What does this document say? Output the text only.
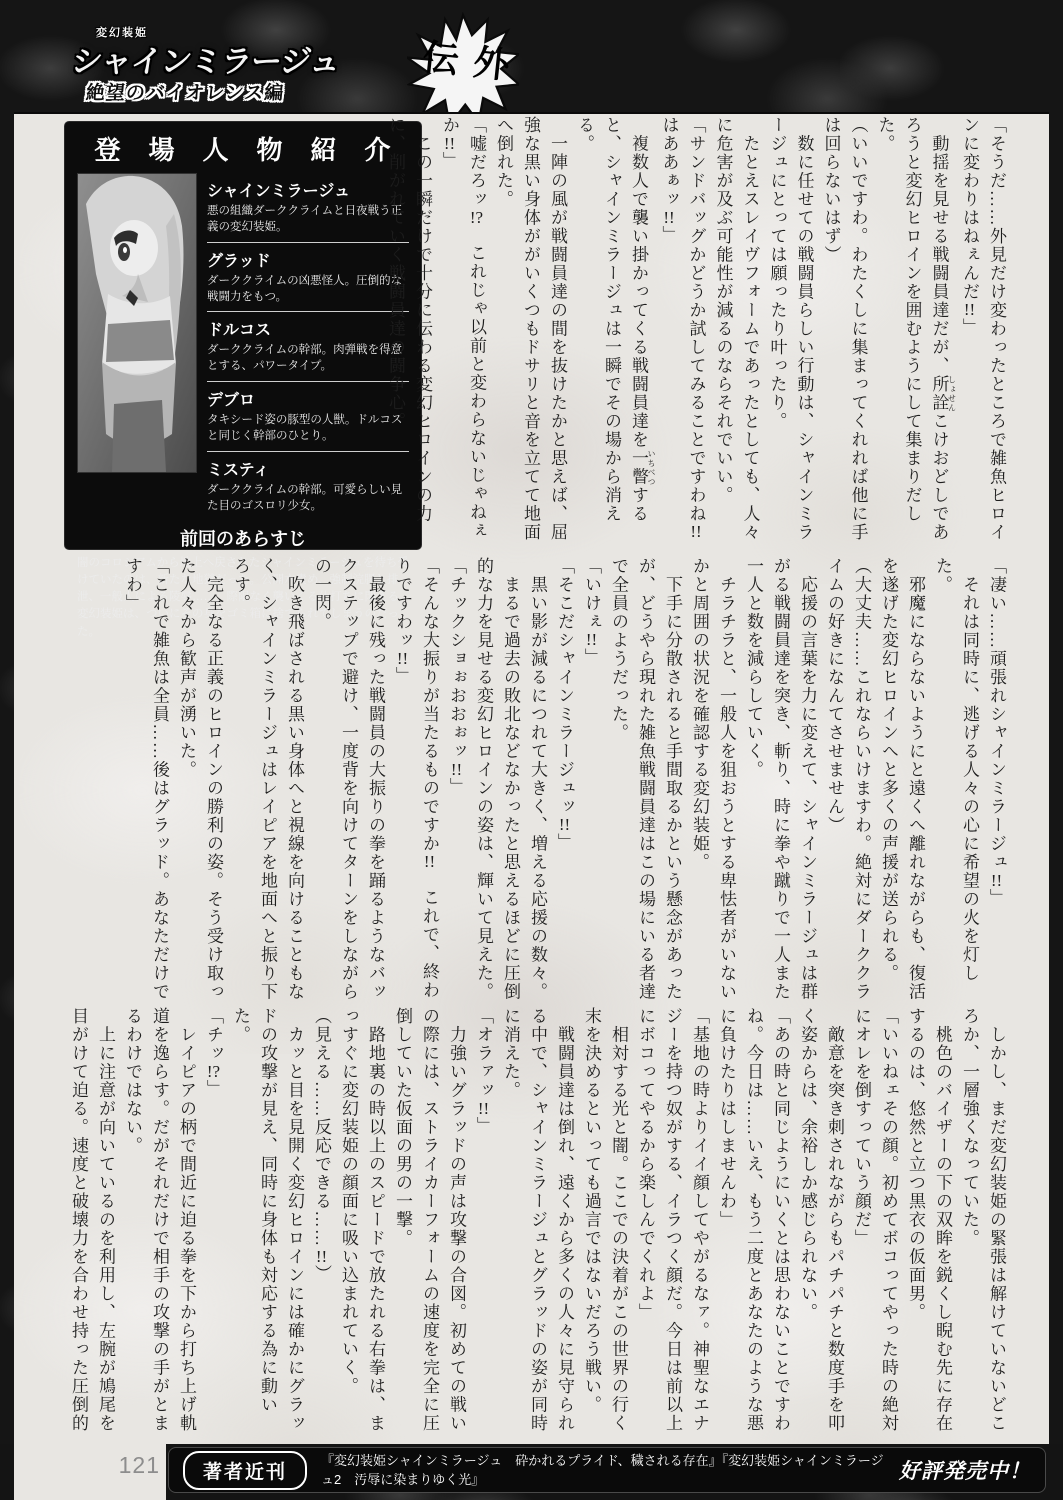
変幻装姫
シャインミラージュ
絶望のバイオレンス編
外伝
登　場　人　物　紹　介
シャインミラージュ
悪の組織ダーククライムと日夜戦う正義の変幻装姫。
グラッド
ダーククライムの凶悪怪人。圧倒的な戦闘力をもつ。
ドルコス
ダーククライムの幹部。肉弾戦を得意とする、パワータイプ。
デブロ
タキシード姿の豚型の人獣。ドルコスと同じく幹部のひとり。
ミスティ
ダーククライムの幹部。可愛らしい見た目のゴスロリ少女。
前回のあらすじ
闇のコロシアムから地上へ戻されたシャインミラージュを待ち受けていたのは、新たな地獄だった。公開水責め、強制浣腸と排泄、一般人による陵辱……。際限なく襲いくる仕打ちに悶える変幻装姫は、ついにその身をゴミ箱に捨てられてしまうのだった。

「そうだ……外見だけ変わったところで雑魚ヒロインに変わりはねぇんだ!!」

　動揺を見せる戦闘員達だが、所詮 しょせんこけおどしであろうと変幻ヒロインを囲むようにして集まりだした。

（いいですわ。わたくしに集まってくれれば他に手は回らないはず）

　数に任せての戦闘員らしい行動は、シャインミラージュにとっては願ったり叶ったり。

　たとえスレイヴフォームであったとしても、人々に危害が及ぶ可能性が減るのならそれでいい。

「サンドバッグかどうか試してみることですわね!!　はああぁッ!!」

　複数人で襲い掛かってくる戦闘員達を一瞥 いちべつすると、シャインミラージュは一瞬でその場から消える。

　一陣の風が戦闘員達の間を抜けたかと思えば、屈強な黒い身体ががいくつもドサリと音を立てて地面へ倒れた。

「嘘だろッ!?　これじゃ以前と変わらないじゃねぇか!!」

　この一瞬だけで十分に伝わる変幻ヒロインの力に、削がれていく戦闘員達の闘争心。

「凄い……頑張れシャインミラージュ!!」

　それは同時に、逃げる人々の心に希望の火を灯した。

　邪魔にならないようにと遠くへ離れながらも、復活を遂げた変幻ヒロインへと多くの声援が送られる。

（大丈夫……これならいけますわ。絶対にダーククライムの好きになんてさせません）

　応援の言葉を力に変えて、シャインミラージュは群がる戦闘員達を突き、斬り、時に拳や蹴りで一人また一人と数を減らしていく。

　チラチラと、一般人を狙おうとする卑怯者がいないかと周囲の状況を確認する変幻装姫。

　下手に分散されると手間取るかという懸念があったが、どうやら現れた雑魚戦闘員達はこの場にいる者達で全員のようだった。

「いけぇ!!」

「そこだシャインミラージュッ!!」

　黒い影が減るにつれて大きく、増える応援の数々。

　まるで過去の敗北などなかったと思えるほどに圧倒的な力を見せる変幻ヒロインの姿は、輝いて見えた。

「チックショぉおおぉッ!!」

「そんな大振りが当たるものですか!!　これで、終わりですわッ!!」

　最後に残った戦闘員の大振りの拳を踊るようなバックステップで避け、一度背を向けてターンをしながらの一閃。

　吹き飛ばされる黒い身体へと視線を向けることもなく、シャインミラージュはレイピアを地面へと振り下ろす。

　完全なる正義のヒロインの勝利の姿。そう受け取った人々から歓声が湧いた。

「これで雑魚は全員……後はグラッド。あなただけですわ」

　しかし、まだ変幻装姫の緊張は解けていないどころか、一層強くなっていた。

　桃色のバイザーの下の双眸を鋭くし睨む先に存在するのは、悠然と立つ黒衣の仮面男。

「いいねェその顔。初めてボコってやった時の絶対にオレを倒すっていう顔だ」

　敵意を突き刺されながらもパチパチと数度手を叩く姿からは、余裕しか感じられない。

「あの時と同じようにいくとは思わないことですわね。今日は……いえ、もう二度とあなたのような悪に負けたりはしませんわ」

「基地の時よりイイ顔してやがるなァ。神聖なエナジーを持つ奴がする、イラつく顔だ。今日は前以上にボコってやるから楽しんでくれよ」

　相対する光と闇。ここでの決着がこの世界の行く末を決めるといっても過言ではないだろう戦い。

　戦闘員達は倒れ、遠くから多くの人々に見守られる中で、シャインミラージュとグラッドの姿が同時に消えた。

「オラァッ!!」

　力強いグラッドの声は攻撃の合図。初めての戦いの際には、ストライカーフォームの速度を完全に圧倒していた仮面の男の一撃。

　路地裏の時以上のスピードで放たれる右拳は、まっすぐに変幻装姫の顔面に吸い込まれていく。

（見える……反応できる……!!）

　カッと目を見開く変幻ヒロインには確かにグラッドの攻撃が見え、同時に身体も対応する為に動いた。

「チッ!?」

　レイピアの柄で間近に迫る拳を下から打ち上げ軌道を逸らす。だがそれだけで相手の攻撃の手がとまるわけではない。

　上に注意が向いているのを利用し、左腕が鳩尾を目がけて迫る。速度と破壊力を合わせ持った圧倒的

121	著者近刊
『変幻装姫シャインミラージュ　砕かれるプライド、穢される存在』『変幻装姫シャインミラージュ2　汚辱に染まりゆく光』	好評発売中！
